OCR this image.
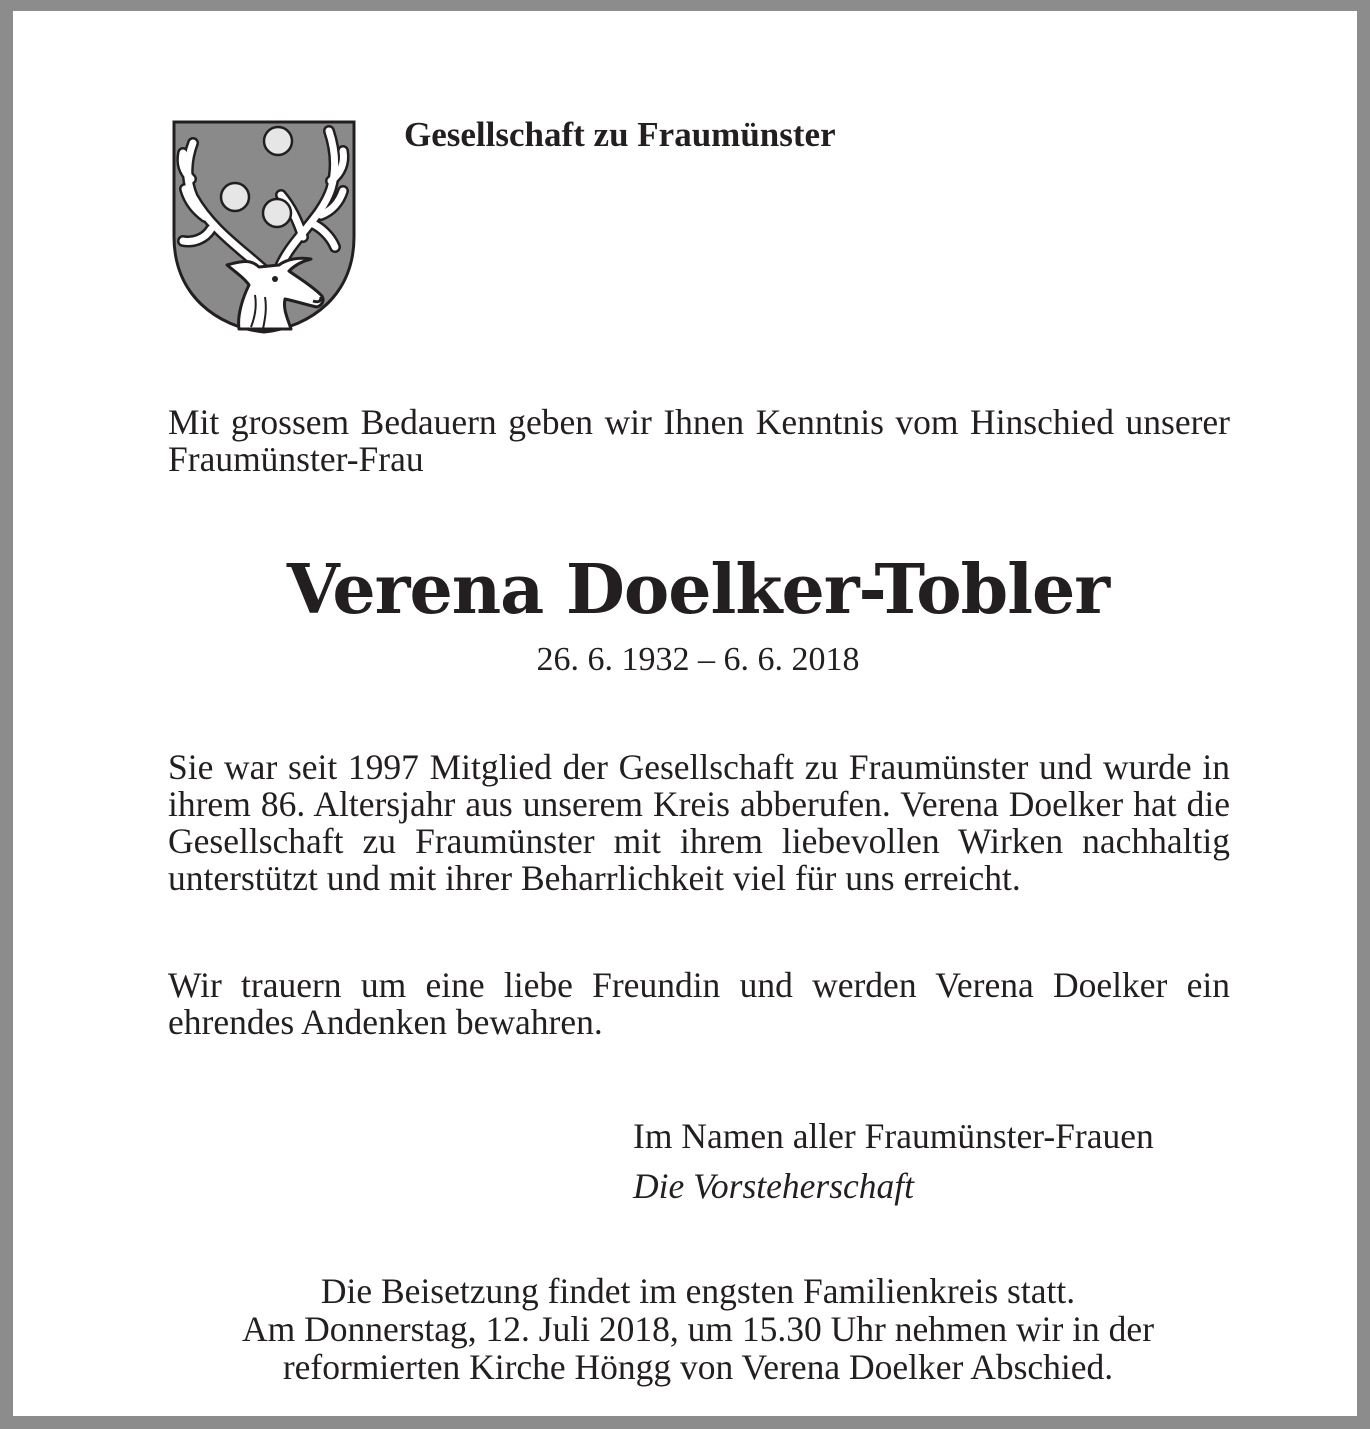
Gesellschaft zu Fraumünster
Mit grossem Bedauern geben wir Ihnen Kenntnis vom Hinschied unserer Fraumünster-Frau
Verena Doelker-Tobler
26. 6. 1932 – 6. 6. 2018
Sie war seit 1997 Mitglied der Gesellschaft zu Fraumünster und wurde in ihrem 86. Altersjahr aus unserem Kreis abberufen. Verena Doelker hat die Gesellschaft zu Fraumünster mit ihrem liebevollen Wirken nachhaltig unterstützt und mit ihrer Beharrlichkeit viel für uns erreicht.
Wir trauern um eine liebe Freundin und werden Verena Doelker ein ehrendes Andenken bewahren.
Im Namen aller Fraumünster-Frauen
Die Vorsteherschaft
Die Beisetzung findet im engsten Familienkreis statt.
Am Donnerstag, 12. Juli 2018, um 15.30 Uhr nehmen wir in der
reformierten Kirche Höngg von Verena Doelker Abschied.
